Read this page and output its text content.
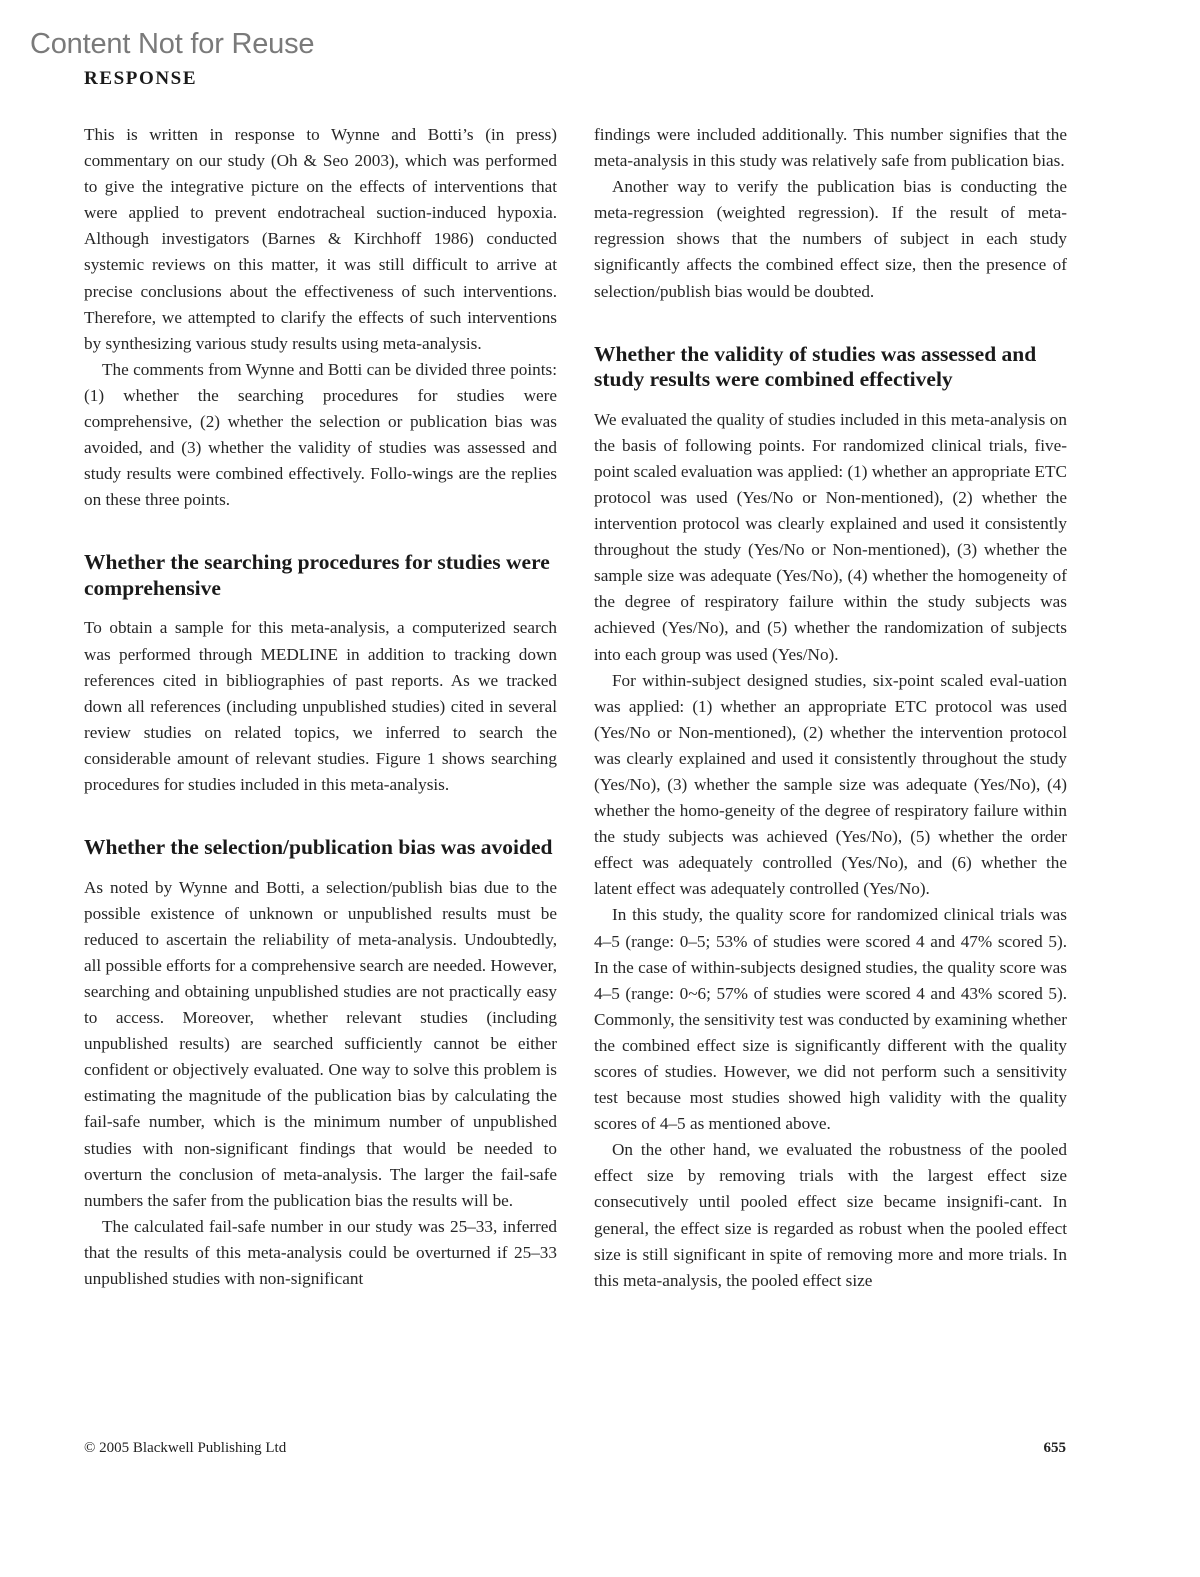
Content Not for Reuse
RESPONSE

This is written in response to Wynne and Botti’s (in press) commentary on our study (Oh & Seo 2003), which was performed to give the integrative picture on the effects of interventions that were applied to prevent endotracheal suction-induced hypoxia. Although investigators (Barnes & Kirchhoff 1986) conducted systemic reviews on this matter, it was still difficult to arrive at precise conclusions about the effectiveness of such interventions. Therefore, we attempted to clarify the effects of such interventions by synthesizing various study results using meta-analysis.

The comments from Wynne and Botti can be divided three points: (1) whether the searching procedures for studies were comprehensive, (2) whether the selection or publication bias was avoided, and (3) whether the validity of studies was assessed and study results were combined effectively. Follo-wings are the replies on these three points.

Whether the searching procedures for studies were comprehensive

To obtain a sample for this meta-analysis, a computerized search was performed through MEDLINE in addition to tracking down references cited in bibliographies of past reports. As we tracked down all references (including unpublished studies) cited in several review studies on related topics, we inferred to search the considerable amount of relevant studies. Figure 1 shows searching procedures for studies included in this meta-analysis.

Whether the selection/publication bias was avoided

As noted by Wynne and Botti, a selection/publish bias due to the possible existence of unknown or unpublished results must be reduced to ascertain the reliability of meta-analysis. Undoubtedly, all possible efforts for a comprehensive search are needed. However, searching and obtaining unpublished studies are not practically easy to access. Moreover, whether relevant studies (including unpublished results) are searched sufficiently cannot be either confident or objectively evaluated. One way to solve this problem is estimating the magnitude of the publication bias by calculating the fail-safe number, which is the minimum number of unpublished studies with non-significant findings that would be needed to overturn the conclusion of meta-analysis. The larger the fail-safe numbers the safer from the publication bias the results will be.

The calculated fail-safe number in our study was 25–33, inferred that the results of this meta-analysis could be overturned if 25–33 unpublished studies with non-significant

findings were included additionally. This number signifies that the meta-analysis in this study was relatively safe from publication bias.

Another way to verify the publication bias is conducting the meta-regression (weighted regression). If the result of meta-regression shows that the numbers of subject in each study significantly affects the combined effect size, then the presence of selection/publish bias would be doubted.

Whether the validity of studies was assessed and study results were combined effectively

We evaluated the quality of studies included in this meta-analysis on the basis of following points. For randomized clinical trials, five-point scaled evaluation was applied: (1) whether an appropriate ETC protocol was used (Yes/No or Non-mentioned), (2) whether the intervention protocol was clearly explained and used it consistently throughout the study (Yes/No or Non-mentioned), (3) whether the sample size was adequate (Yes/No), (4) whether the homogeneity of the degree of respiratory failure within the study subjects was achieved (Yes/No), and (5) whether the randomization of subjects into each group was used (Yes/No).

For within-subject designed studies, six-point scaled eval-uation was applied: (1) whether an appropriate ETC protocol was used (Yes/No or Non-mentioned), (2) whether the intervention protocol was clearly explained and used it consistently throughout the study (Yes/No), (3) whether the sample size was adequate (Yes/No), (4) whether the homo-geneity of the degree of respiratory failure within the study subjects was achieved (Yes/No), (5) whether the order effect was adequately controlled (Yes/No), and (6) whether the latent effect was adequately controlled (Yes/No).

In this study, the quality score for randomized clinical trials was 4–5 (range: 0–5; 53% of studies were scored 4 and 47% scored 5). In the case of within-subjects designed studies, the quality score was 4–5 (range: 0~6; 57% of studies were scored 4 and 43% scored 5). Commonly, the sensitivity test was conducted by examining whether the combined effect size is significantly different with the quality scores of studies. However, we did not perform such a sensitivity test because most studies showed high validity with the quality scores of 4–5 as mentioned above.

On the other hand, we evaluated the robustness of the pooled effect size by removing trials with the largest effect size consecutively until pooled effect size became insignifi-cant. In general, the effect size is regarded as robust when the pooled effect size is still significant in spite of removing more and more trials. In this meta-analysis, the pooled effect size

© 2005 Blackwell Publishing Ltd	655
